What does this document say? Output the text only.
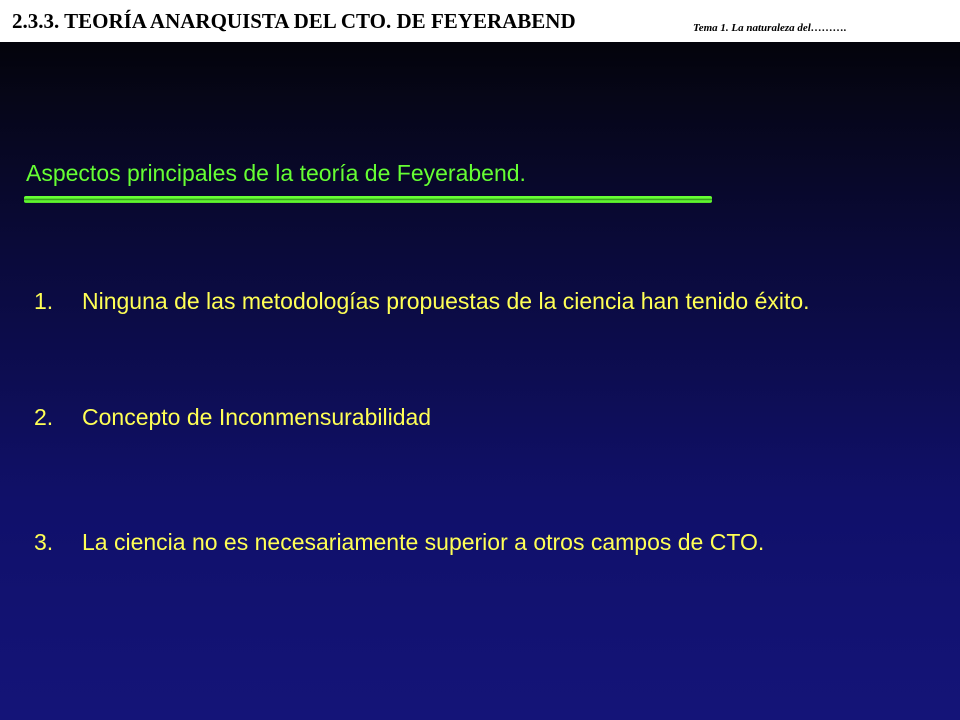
2.3.3. TEORÍA ANARQUISTA DEL CTO. DE FEYERABEND	Tema 1. La naturaleza del……….
Aspectos principales de la teoría de Feyerabend.
1. Ninguna de las metodologías propuestas de la ciencia han tenido éxito.
2. Concepto de Inconmensurabilidad
3. La ciencia no es necesariamente superior a otros campos de CTO.
